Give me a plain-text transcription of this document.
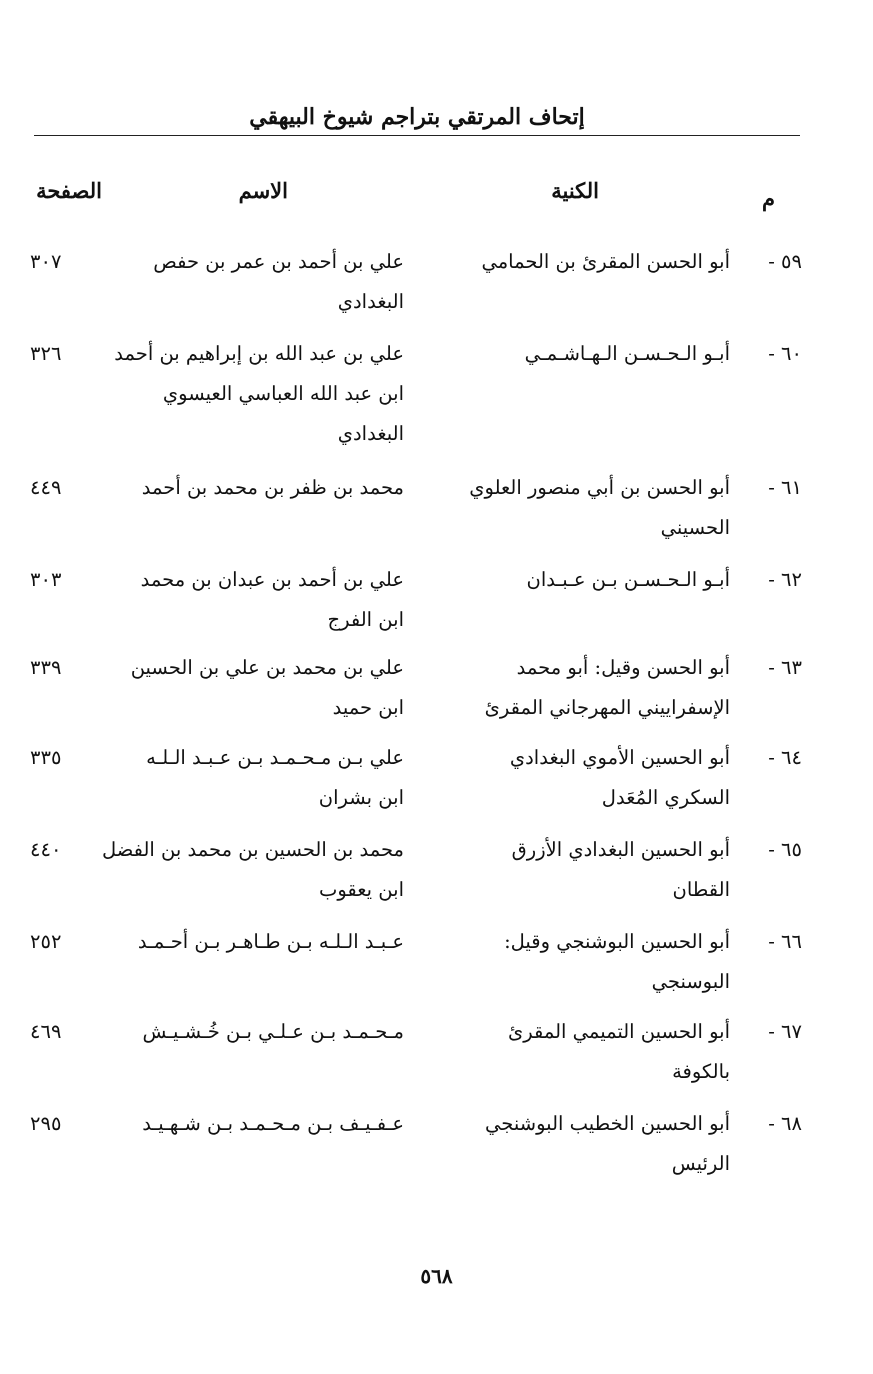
إتحاف المرتقي بتراجم شيوخ البيهقي
م
الكنية
الاسم
الصفحة
٥٩ -
أبو الحسن المقرئ بن الحمامي
علي بن أحمد بن عمر بن حفص
البغدادي
٣٠٧
٦٠ -
أبـو الـحـسـن الـهـاشـمـي
علي بن عبد الله بن إبراهيم بن أحمد
ابن عبد الله العباسي العيسوي
البغدادي
٣٢٦
٦١ -
أبو الحسن بن أبي منصور العلوي
الحسيني
محمد بن ظفر بن محمد بن أحمد
٤٤٩
٦٢ -
أبـو الـحـسـن بـن عـبـدان
علي بن أحمد بن عبدان بن محمد
ابن الفرج
٣٠٣
٦٣ -
أبو الحسن وقيل: أبو محمد
الإسفراييني المهرجاني المقرئ
علي بن محمد بن علي بن الحسين
ابن حميد
٣٣٩
٦٤ -
أبو الحسين الأموي البغدادي
السكري المُعَدل
علي بـن مـحـمـد بـن عـبـد الـلـه
ابن بشران
٣٣٥
٦٥ -
أبو الحسين البغدادي الأزرق
القطان
محمد بن الحسين بن محمد بن الفضل
ابن يعقوب
٤٤٠
٦٦ -
أبو الحسين البوشنجي وقيل:
البوسنجي
عـبـد الـلـه بـن طـاهـر بـن أحـمـد
٢٥٢
٦٧ -
أبو الحسين التميمي المقرئ
بالكوفة
مـحـمـد بـن عـلـي بـن خُـشـيـش
٤٦٩
٦٨ -
أبو الحسين الخطيب البوشنجي
الرئيس
عـفـيـف بـن مـحـمـد بـن شـهـيـد
٢٩٥
٥٦٨
